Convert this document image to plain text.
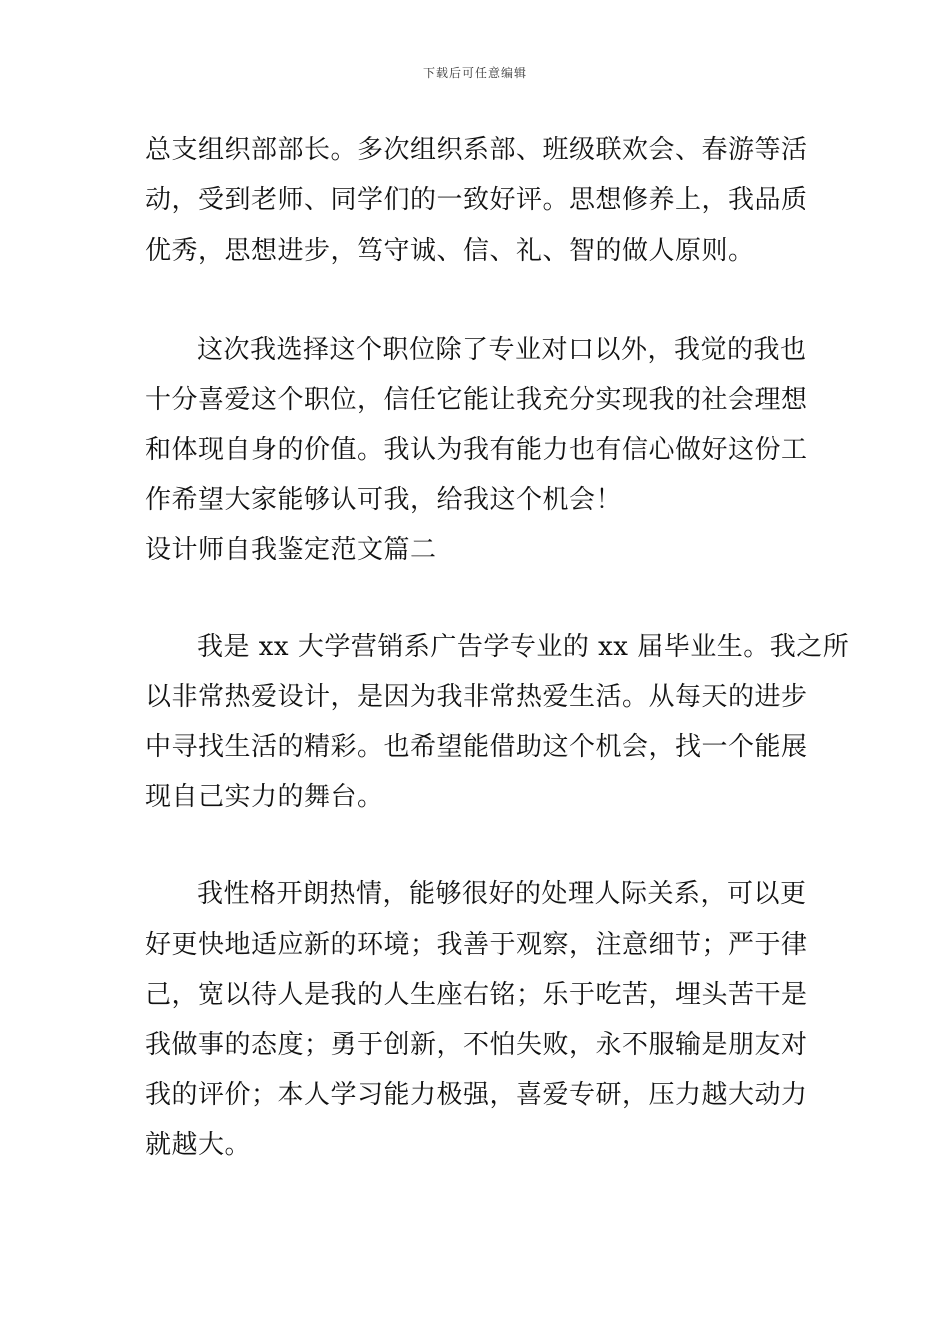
下载后可任意编辑
总支组织部部长。多次组织系部、班级联欢会、春游等活
动，受到老师、同学们的一致好评。思想修养上，我品质
优秀，思想进步，笃守诚、信、礼、智的做人原则。
这次我选择这个职位除了专业对口以外，我觉的我也
十分喜爱这个职位，信任它能让我充分实现我的社会理想
和体现自身的价值。我认为我有能力也有信心做好这份工
作希望大家能够认可我，给我这个机会！
设计师自我鉴定范文篇二
我是 xx 大学营销系广告学专业的 xx 届毕业生。我之所
以非常热爱设计，是因为我非常热爱生活。从每天的进步
中寻找生活的精彩。也希望能借助这个机会，找一个能展
现自己实力的舞台。
我性格开朗热情，能够很好的处理人际关系，可以更
好更快地适应新的环境；我善于观察，注意细节；严于律
己，宽以待人是我的人生座右铭；乐于吃苦，埋头苦干是
我做事的态度；勇于创新，不怕失败，永不服输是朋友对
我的评价；本人学习能力极强，喜爱专研，压力越大动力
就越大。
